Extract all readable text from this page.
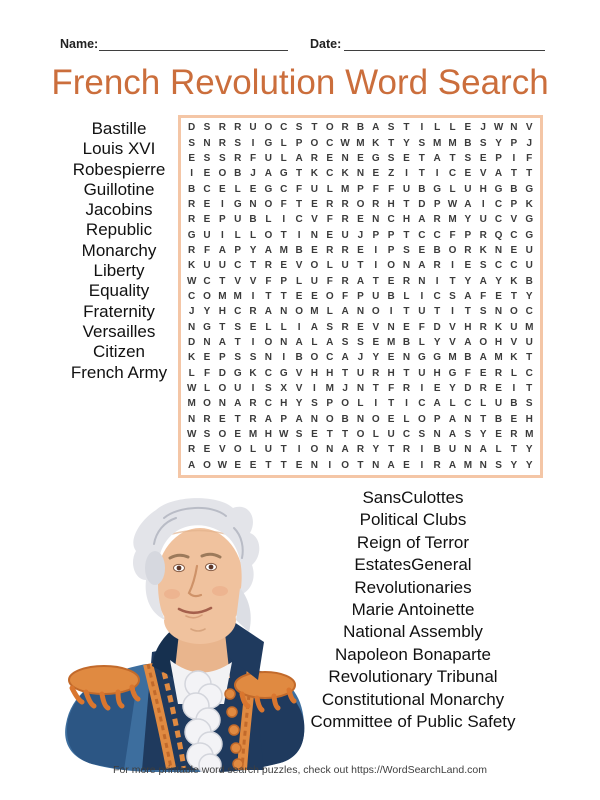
Name:	Date:
French Revolution Word Search
Bastille
Louis XVI
Robespierre
Guillotine
Jacobins
Republic
Monarchy
Liberty
Equality
Fraternity
Versailles
Citizen
French Army
D S R R U O C S T O R B A S T	I	L L E J W N V
S N R S	I	G L P O C W M K T Y S M M B S Y P J
E S S R F U L A R E N E G S E T A T S E P	I	F
I	E O B J A G T K C K N E Z	I	T	I	C E V A T T
B C E L E G C F U L M P F F U B G L U H G B G
R E	I	G N O F T E R R O R H T D P W A	I	C P K
R E P U B L	I	C V F R E N C H A R M Y U C V G
G U	I	L L O T	I	N E U J P P T C C F P R Q C G
R F A P Y A M B E R R E	I	P S E B O R K N E U
K U U C T R E V O L U T	I	O N A R	I	E S C C U
W C T V V F P L U F R A T E R N	I	T Y A Y K B
C O M M I	T T E E O F P U B L	I	C S A F E T Y
J Y H C R A N O M L A N O	I	T U T	I	T S N O C
N G T S E L L	I	A S R E V N E F D V H R K U M
D N A T	I	O N A L A S S E M B L Y V A O H V U
K E P S S N	I	B O C A J Y E N G G M B A M K T
L F D G K C G V H H T U R H T U H G F E R L C
W L O U	I	S X V	I M J N T F R	I	E Y D R E	I	T
M O N A R C H Y S P O L	I	T	I	C A L C L U B S
N R E T R A P A N O B N O E L O P A N T B E H
W S O E M H W S E T T O L U C S N A S Y E R M
R E V O L U T	I	O N A R Y T R	I	B U N A L T Y
A O W E E T T E N	I	O T N A E	I	R A M N S Y Y
SansCulottes
Political Clubs
Reign of Terror
EstatesGeneral
Revolutionaries
Marie Antoinette
National Assembly
Napoleon Bonaparte
Revolutionary Tribunal
Constitutional Monarchy
Committee of Public Safety
For more printable word search puzzles, check out https://WordSearchLand.com
